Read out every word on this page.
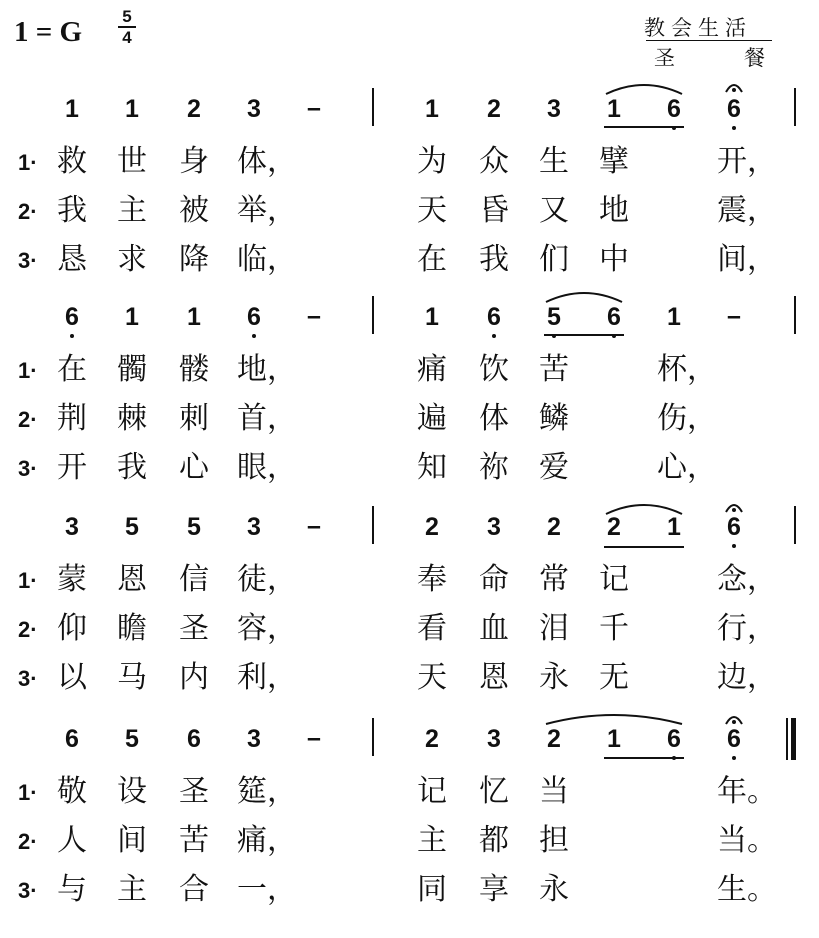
1 = G 5
4	教会生活
圣	餐
1 1 2 3 –	1 2 3 1 6 6
1· 救 世 身 体，	为 众 生 擘	开，
2· 我 主 被 举，	天 昏 又 地	震，
3· 恳 求 降 临，	在 我 们 中	间，
6 1 1 6 –	1 6 5 6 1 –
1· 在 髑 髅 地，	痛 饮 苦	杯，
2· 荆 棘 刺 首，	遍 体 鳞	伤，
3· 开 我 心 眼，	知 祢 爱	心，
3 5 5 3 –	2 3 2 2 1 6
1· 蒙 恩 信 徒，	奉 命 常 记	念，
2· 仰 瞻 圣 容，	看 血 泪 千	行，
3· 以 马 内 利，	天 恩 永 无	边，
6 5 6 3 –	2 3 2 1 6 6
1· 敬 设 圣 筵，	记 忆 当	年。
2· 人 间 苦 痛，	主 都 担	当。
3· 与 主 合 一，	同 享 永	生。
